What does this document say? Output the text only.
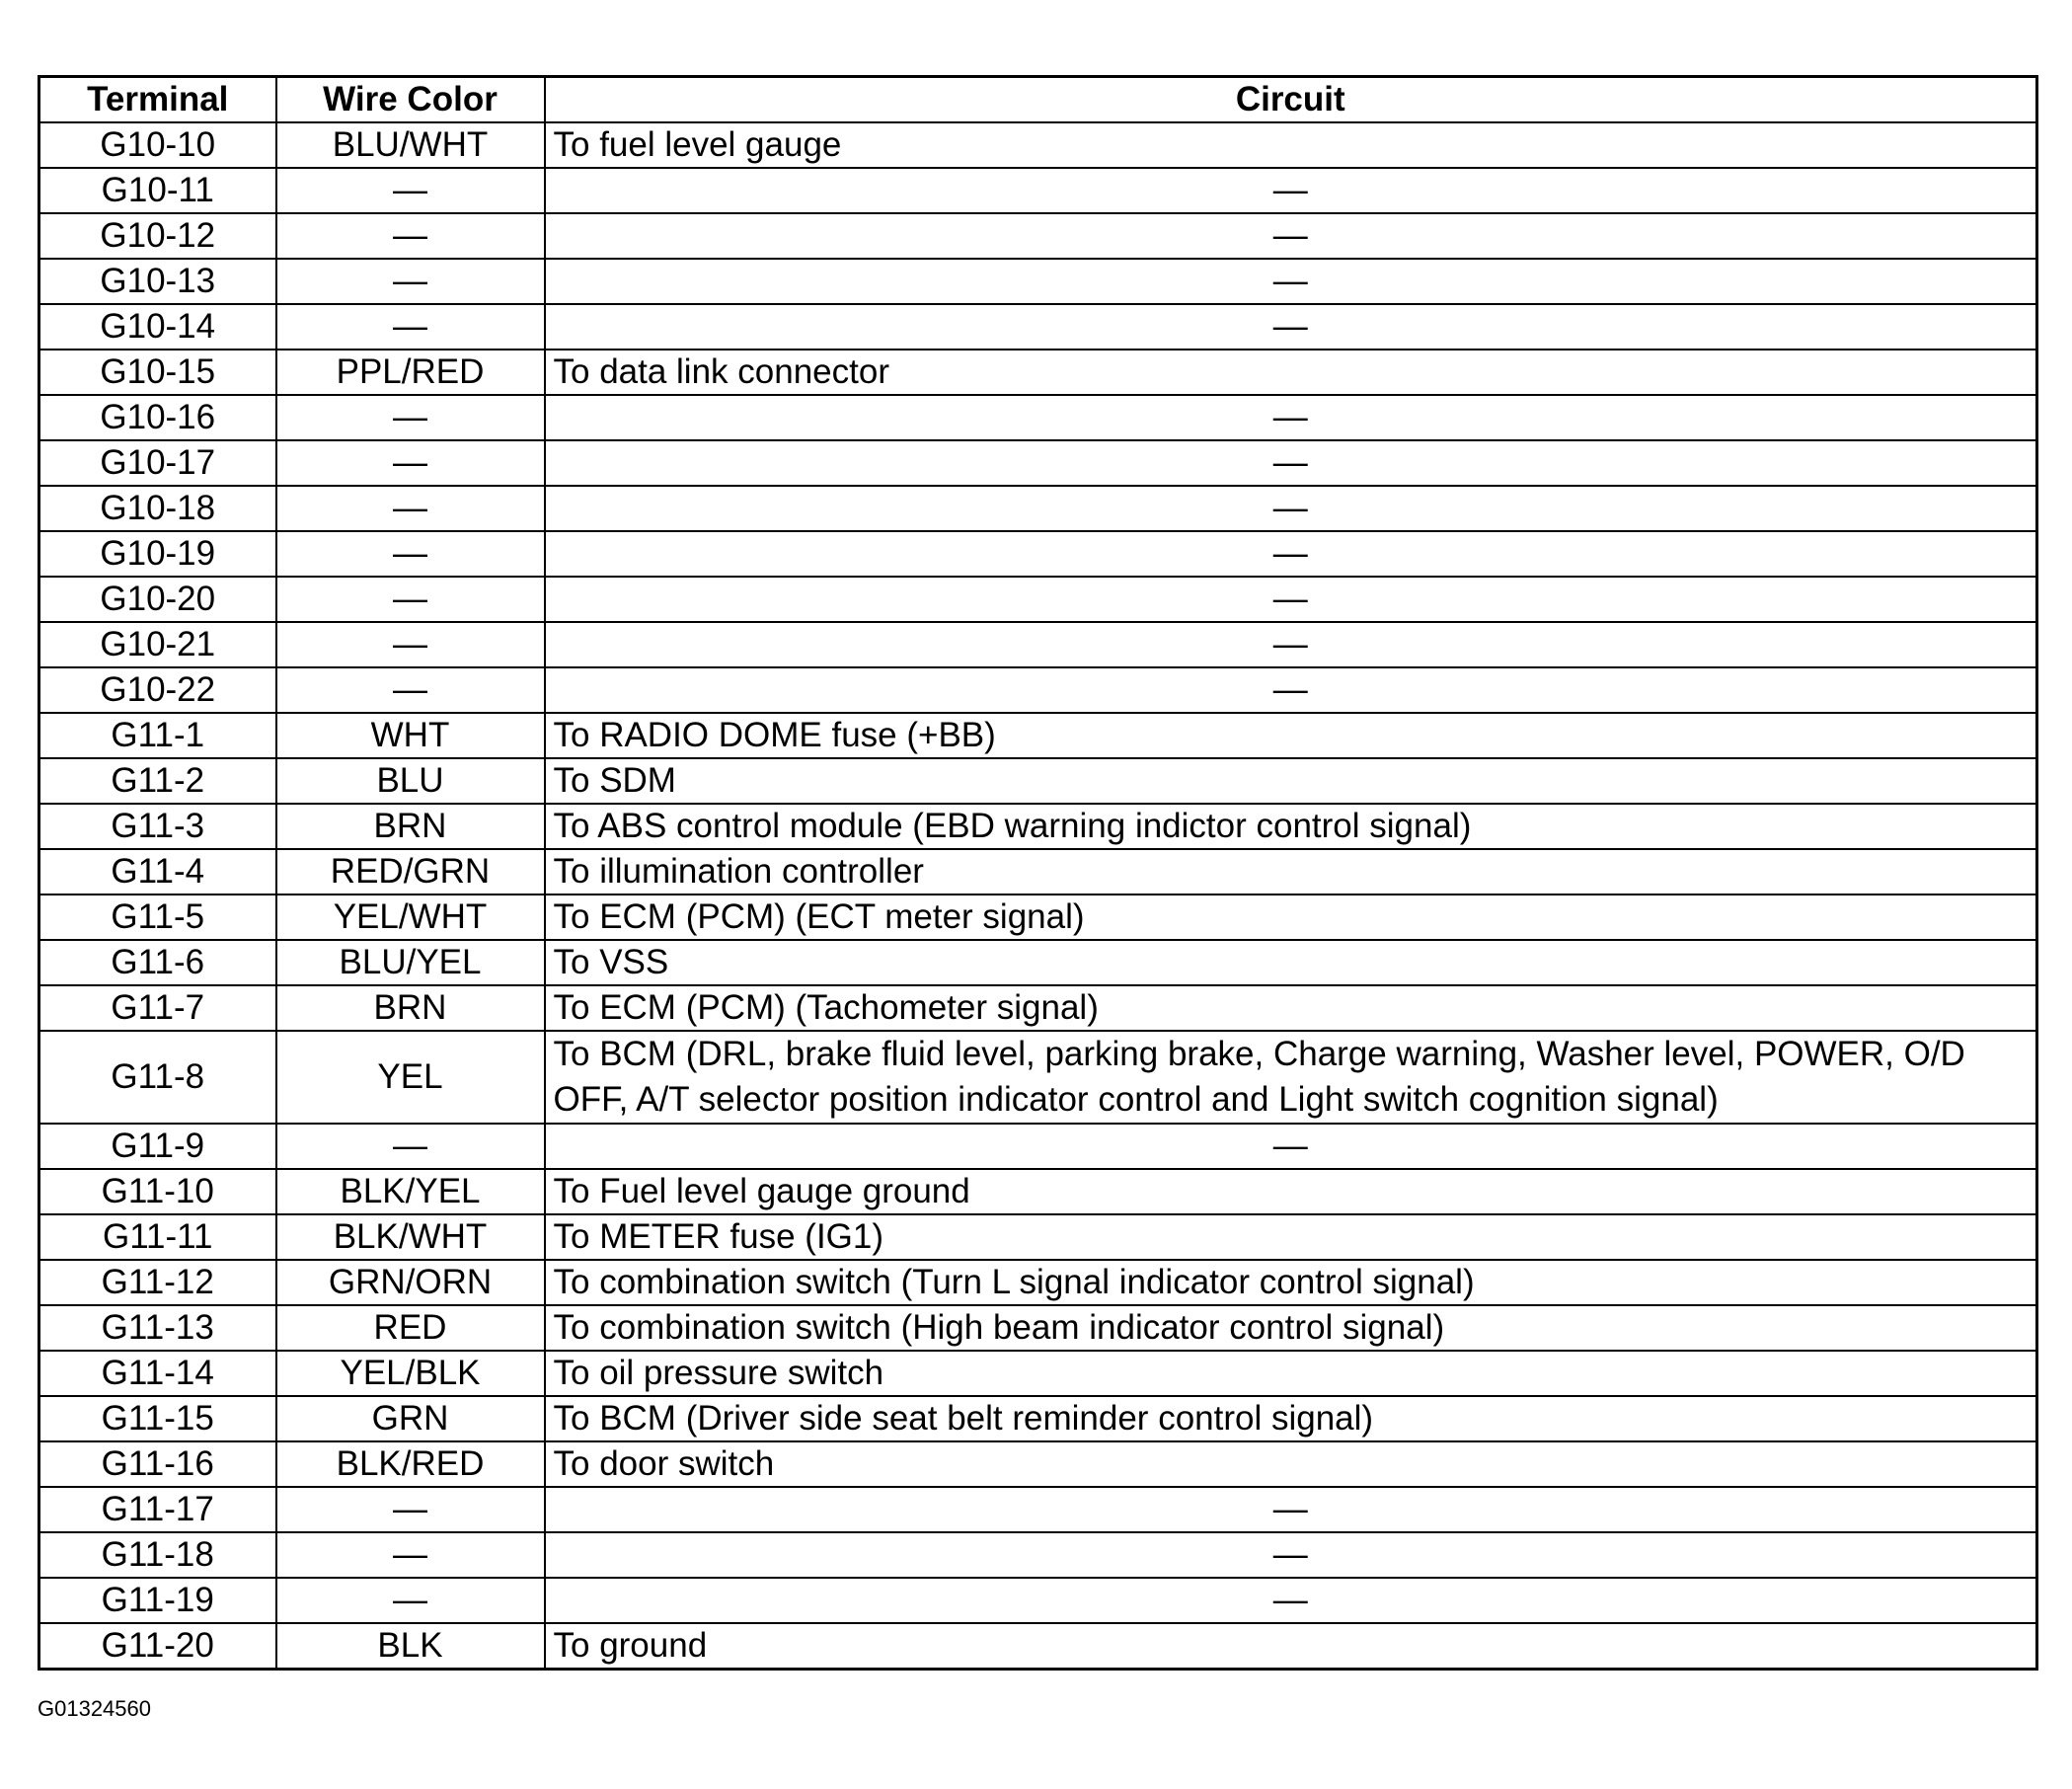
Terminal	Wire Color	Circuit
G10-10	BLU/WHT	To fuel level gauge
G10-11	—	—
G10-12	—	—
G10-13	—	—
G10-14	—	—
G10-15	PPL/RED	To data link connector
G10-16	—	—
G10-17	—	—
G10-18	—	—
G10-19	—	—
G10-20	—	—
G10-21	—	—
G10-22	—	—
G11-1	WHT	To RADIO DOME fuse (+BB)
G11-2	BLU	To SDM
G11-3	BRN	To ABS control module (EBD warning indictor control signal)
G11-4	RED/GRN	To illumination controller
G11-5	YEL/WHT	To ECM (PCM) (ECT meter signal)
G11-6	BLU/YEL	To VSS
G11-7	BRN	To ECM (PCM) (Tachometer signal)
G11-8	YEL	To BCM (DRL, brake fluid level, parking brake, Charge warning, Washer level, POWER, O/D OFF, A/T selector position indicator control and Light switch cognition signal)
G11-9	—	—
G11-10	BLK/YEL	To Fuel level gauge ground
G11-11	BLK/WHT	To METER fuse (IG1)
G11-12	GRN/ORN	To combination switch (Turn L signal indicator control signal)
G11-13	RED	To combination switch (High beam indicator control signal)
G11-14	YEL/BLK	To oil pressure switch
G11-15	GRN	To BCM (Driver side seat belt reminder control signal)
G11-16	BLK/RED	To door switch
G11-17	—	—
G11-18	—	—
G11-19	—	—
G11-20	BLK	To ground
G01324560
